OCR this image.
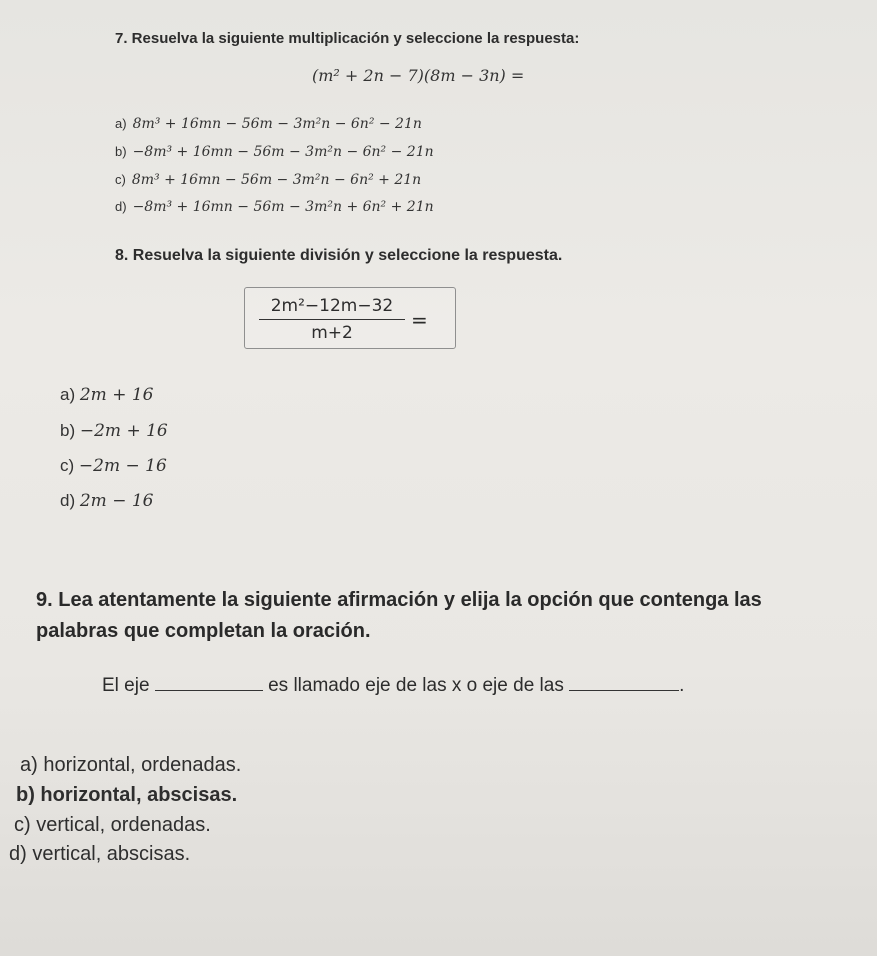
7. Resuelva la siguiente multiplicación y seleccione la respuesta:
(m² + 2n − 7)(8m − 3n) =
a) 8m³ + 16mn − 56m − 3m²n − 6n² − 21n
b) −8m³ + 16mn − 56m − 3m²n − 6n² − 21n
c) 8m³ + 16mn − 56m − 3m²n − 6n² + 21n
d) −8m³ + 16mn − 56m − 3m²n + 6n² + 21n
8. Resuelva la siguiente división y seleccione la respuesta.
$\frac{\text{2m²−12m−32}}{m+2}$ =
a) 2m + 16
b) −2m + 16
c) −2m − 16
d) 2m − 16
9. Lea atentamente la siguiente afirmación y elija la opción que contenga las
palabras que completan la oración.
El eje	es llamado eje de las x o eje de las	.
a) horizontal, ordenadas.
b) horizontal, abscisas.
c) vertical, ordenadas.
d) vertical, abscisas.
